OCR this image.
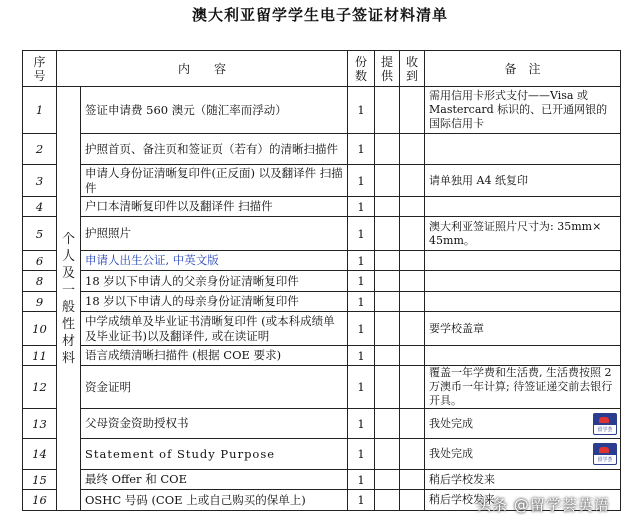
澳大利亚留学学生电子签证材料清单
序号	内　　容		份数	提供	收到	备　注
1	个人及一般性材料	签证申请费 560 澳元（随汇率而浮动）	1			需用信用卡形式支付——Visa 或 Mastercard 标识的、已开通网银的国际信用卡
2		护照首页、备注页和签证页（若有）的清晰扫描件	1			
3		申请人身份证清晰复印件(正反面) 以及翻译件 扫描件	1			请单独用 A4 纸复印
4		户口本清晰复印件以及翻译件 扫描件	1			
5		护照照片	1			澳大利亚签证照片尺寸为: 35mm× 45mm。
6		申请人出生公证, 中英文版	1			
8		18 岁以下申请人的父亲身份证清晰复印件	1			
9		18 岁以下申请人的母亲身份证清晰复印件	1			
10		中学成绩单及毕业证书清晰复印件 (或本科成绩单及毕业证书)以及翻译件, 或在读证明	1			要学校盖章
11		语言成绩清晰扫描件 (根据 COE 要求)	1			
12		资金证明	1			覆盖一年学费和生活费, 生活费按照 2 万澳币一年计算; 待签证递交前去银行开具。
13		父母资金资助授权书	1			我处完成 留学荟

14		Statement of Study Purpose	1			我处完成 留学荟

15		最终 Offer 和 COE	1			稍后学校发来
16		OSHC 号码 (COE 上或自己购买的保单上)	1			稍后学校发来
头条 @留学荟英语
